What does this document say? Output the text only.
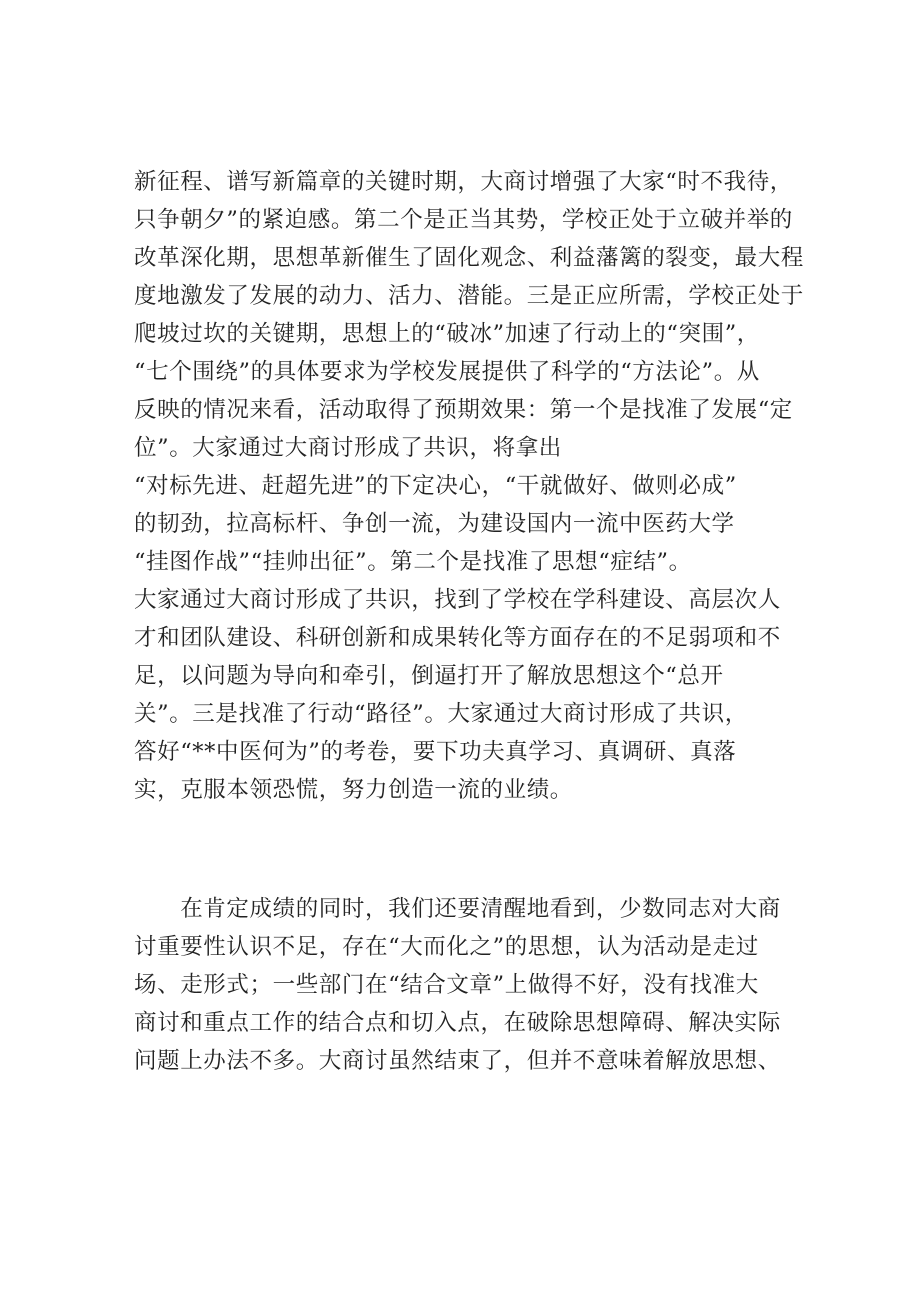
新征程、谱写新篇章的关键时期，大商讨增强了大家“时不我待，
只争朝夕”的紧迫感。第二个是正当其势，学校正处于立破并举的
改革深化期，思想革新催生了固化观念、利益藩篱的裂变，最大程
度地激发了发展的动力、活力、潜能。三是正应所需，学校正处于
爬坡过坎的关键期，思想上的“破冰”加速了行动上的“突围”，
“七个围绕”的具体要求为学校发展提供了科学的“方法论”。从
反映的情况来看，活动取得了预期效果：第一个是找准了发展“定
位”。大家通过大商讨形成了共识，将拿出
“对标先进、赶超先进”的下定决心，“干就做好、做则必成”
的韧劲，拉高标杆、争创一流，为建设国内一流中医药大学
“挂图作战”“挂帅出征”。第二个是找准了思想“症结”。
大家通过大商讨形成了共识，找到了学校在学科建设、高层次人
才和团队建设、科研创新和成果转化等方面存在的不足弱项和不
足，以问题为导向和牵引，倒逼打开了解放思想这个“总开
关”。三是找准了行动“路径”。大家通过大商讨形成了共识，
答好“**中医何为”的考卷，要下功夫真学习、真调研、真落
实，克服本领恐慌，努力创造一流的业绩。
　　在肯定成绩的同时，我们还要清醒地看到，少数同志对大商
讨重要性认识不足，存在“大而化之”的思想，认为活动是走过
场、走形式；一些部门在“结合文章”上做得不好，没有找准大
商讨和重点工作的结合点和切入点，在破除思想障碍、解决实际
问题上办法不多。大商讨虽然结束了，但并不意味着解放思想、
